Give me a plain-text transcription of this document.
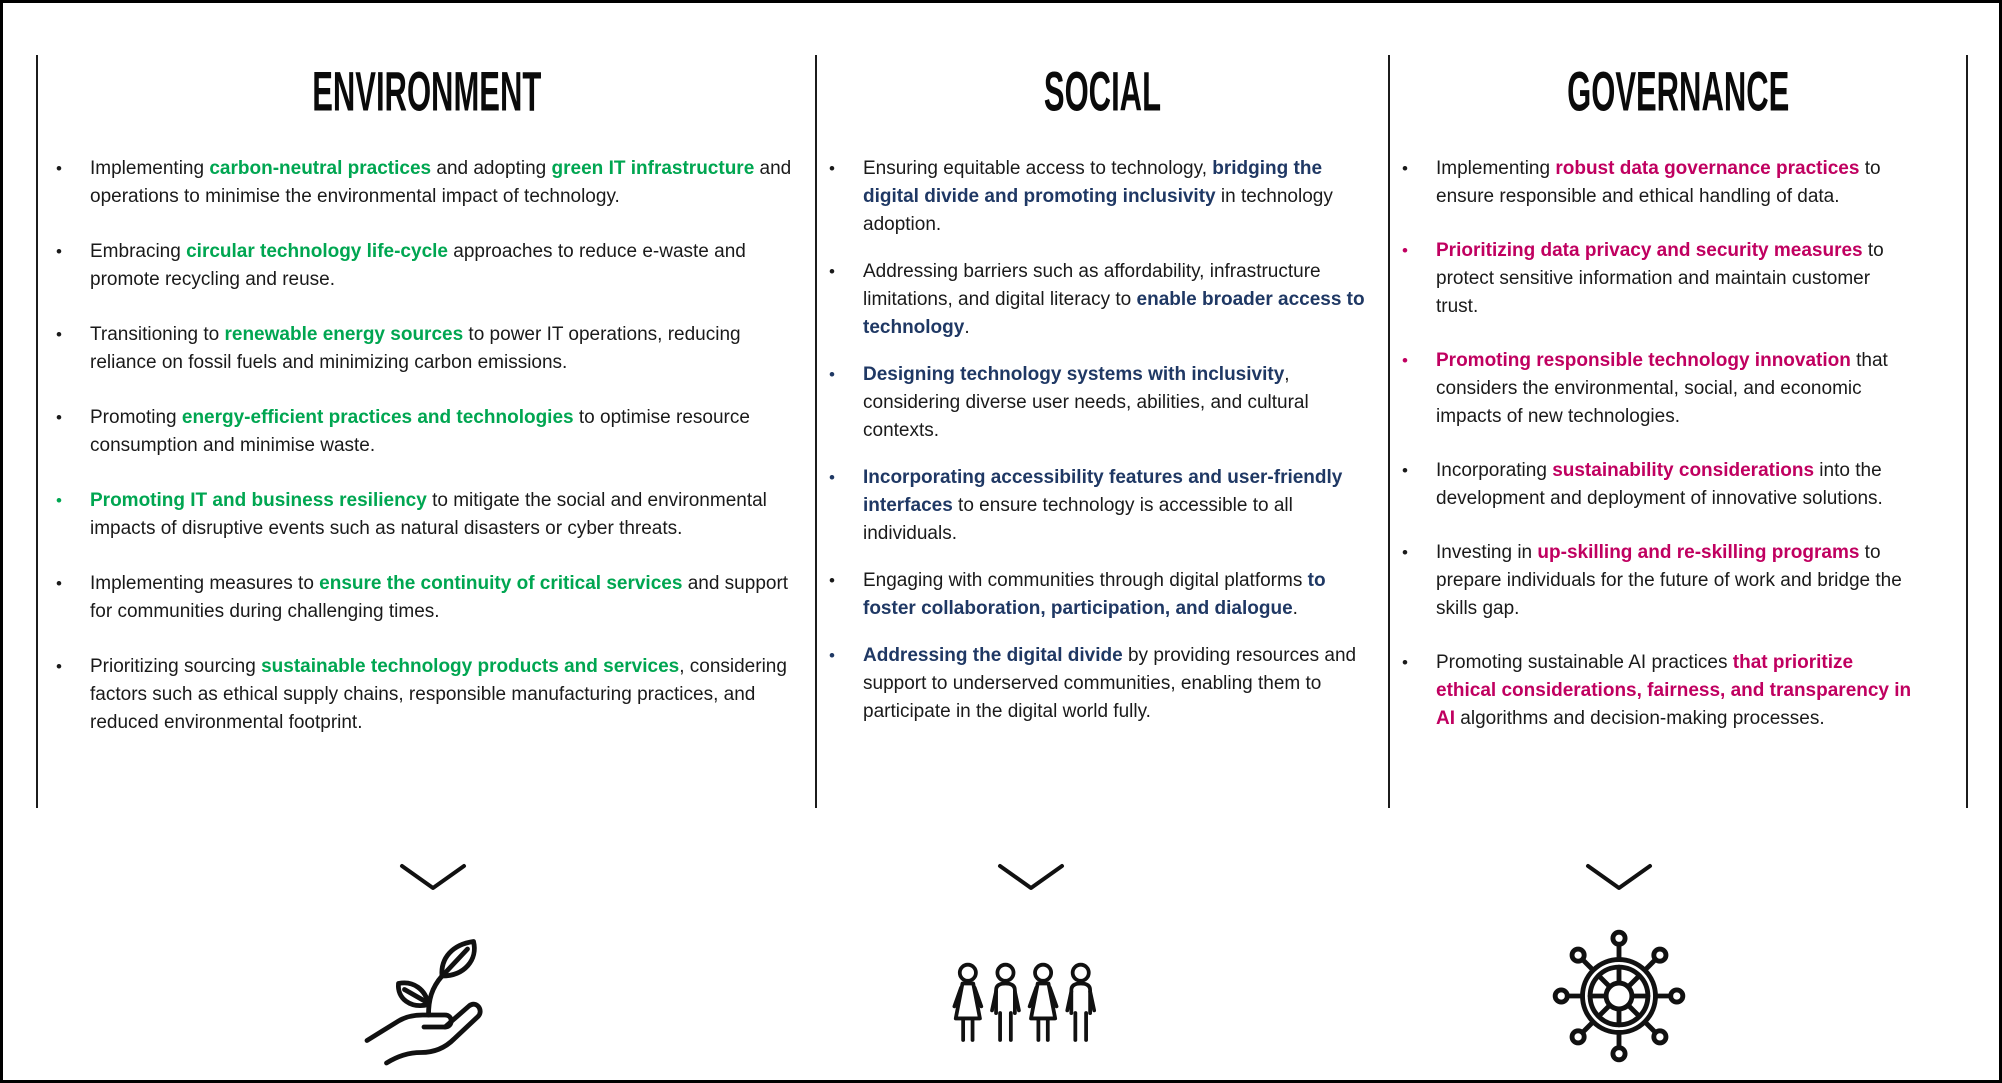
ENVIRONMENT
•	Implementing carbon-neutral practices and adopting green IT infrastructure and operations to minimise the environmental impact of technology.
•	Embracing circular technology life-cycle approaches to reduce e-waste and promote recycling and reuse.
•	Transitioning to renewable energy sources to power IT operations, reducing reliance on fossil fuels and minimizing carbon emissions.
•	Promoting energy-efficient practices and technologies to optimise resource consumption and minimise waste.
•	Promoting IT and business resiliency to mitigate the social and environmental impacts of disruptive events such as natural disasters or cyber threats.
•	Implementing measures to ensure the continuity of critical services and support for communities during challenging times.
•	Prioritizing sourcing sustainable technology products and services, considering factors such as ethical supply chains, responsible manufacturing practices, and reduced environmental footprint.
SOCIAL
•	Ensuring equitable access to technology, bridging the digital divide and promoting inclusivity in technology adoption.
•	Addressing barriers such as affordability, infrastructure limitations, and digital literacy to enable broader access to technology.
•	Designing technology systems with inclusivity, considering diverse user needs, abilities, and cultural contexts.
•	Incorporating accessibility features and user-friendly interfaces to ensure technology is accessible to all individuals.
•	Engaging with communities through digital platforms to foster collaboration, participation, and dialogue.
•	Addressing the digital divide by providing resources and support to underserved communities, enabling them to participate in the digital world fully.
GOVERNANCE
•	Implementing robust data governance practices to ensure responsible and ethical handling of data.
•	Prioritizing data privacy and security measures to protect sensitive information and maintain customer trust.
•	Promoting responsible technology innovation that considers the environmental, social, and economic impacts of new technologies.
•	Incorporating sustainability considerations into the development and deployment of innovative solutions.
•	Investing in up-skilling and re-skilling programs to prepare individuals for the future of work and bridge the skills gap.
•	Promoting sustainable AI practices that prioritize ethical considerations, fairness, and transparency in AI algorithms and decision-making processes.
